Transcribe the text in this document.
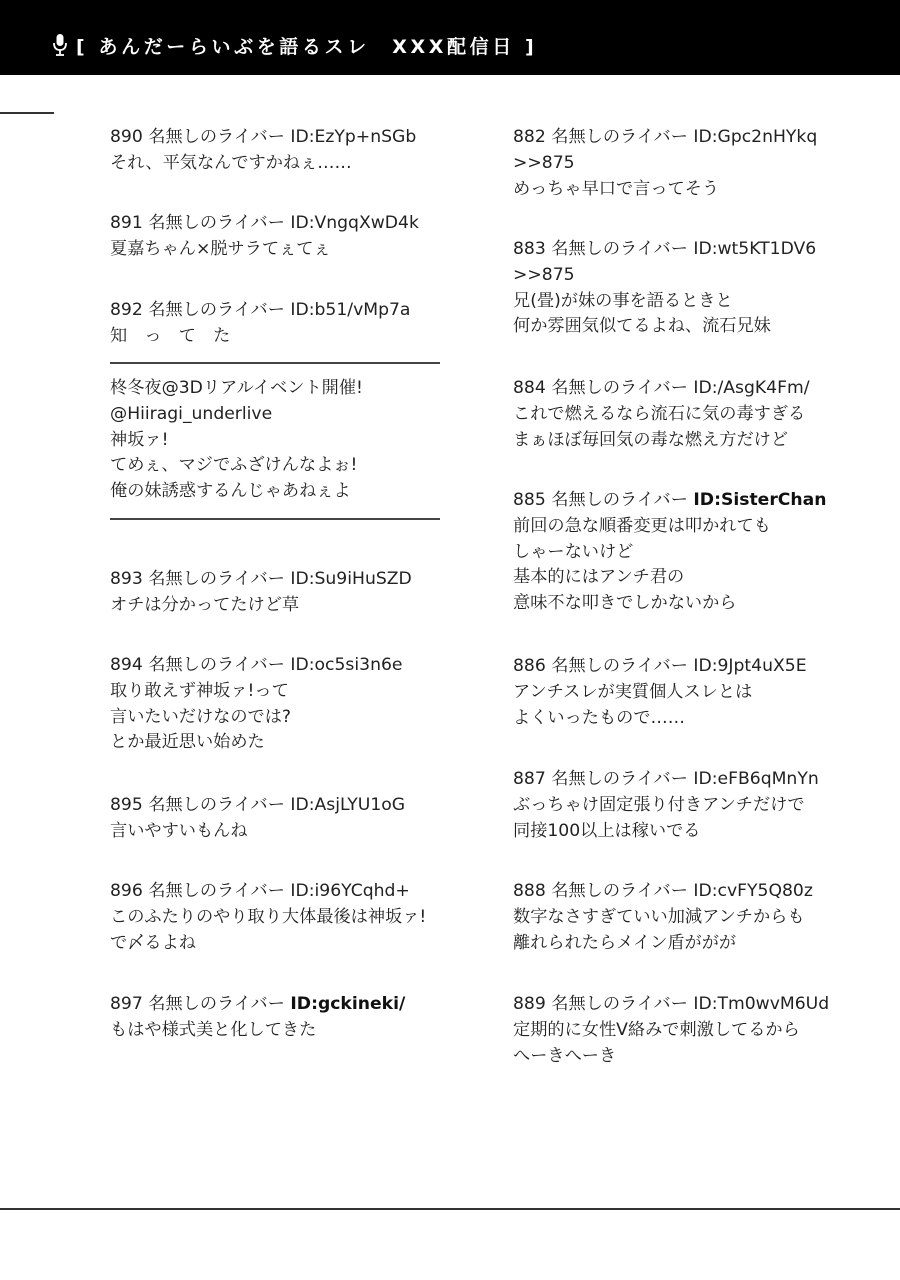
[ あんだーらいぶを語るスレ　XXX配信日 ]
890 名無しのライバー ID:EzYp+nSGb
それ、平気なんですかねぇ……
891 名無しのライバー ID:VngqXwD4k
夏嘉ちゃん×脱サラてぇてぇ
892 名無しのライバー ID:b51/vMp7a
知　っ　て　た
柊冬夜@3Dリアルイベント開催!
@Hiiragi_underlive
神坂ァ!
てめぇ、マジでふざけんなよぉ!
俺の妹誘惑するんじゃあねぇよ
893 名無しのライバー ID:Su9iHuSZD
オチは分かってたけど草
894 名無しのライバー ID:oc5si3n6e
取り敢えず神坂ァ!って
言いたいだけなのでは?
とか最近思い始めた
895 名無しのライバー ID:AsjLYU1oG
言いやすいもんね
896 名無しのライバー ID:i96YCqhd+
このふたりのやり取り大体最後は神坂ァ!
で〆るよね
897 名無しのライバー ID:gckineki/
もはや様式美と化してきた
882 名無しのライバー ID:Gpc2nHYkq
>>875
めっちゃ早口で言ってそう
883 名無しのライバー ID:wt5KT1DV6
>>875
兄(畳)が妹の事を語るときと
何か雰囲気似てるよね、流石兄妹
884 名無しのライバー ID:/AsgK4Fm/
これで燃えるなら流石に気の毒すぎる
まぁほぼ毎回気の毒な燃え方だけど
885 名無しのライバー ID:SisterChan
前回の急な順番変更は叩かれても
しゃーないけど
基本的にはアンチ君の
意味不な叩きでしかないから
886 名無しのライバー ID:9Jpt4uX5E
アンチスレが実質個人スレとは
よくいったもので……
887 名無しのライバー ID:eFB6qMnYn
ぶっちゃけ固定張り付きアンチだけで
同接100以上は稼いでる
888 名無しのライバー ID:cvFY5Q80z
数字なさすぎていい加減アンチからも
離れられたらメイン盾ががが
889 名無しのライバー ID:Tm0wvM6Ud
定期的に女性V絡みで刺激してるから
へーきへーき
